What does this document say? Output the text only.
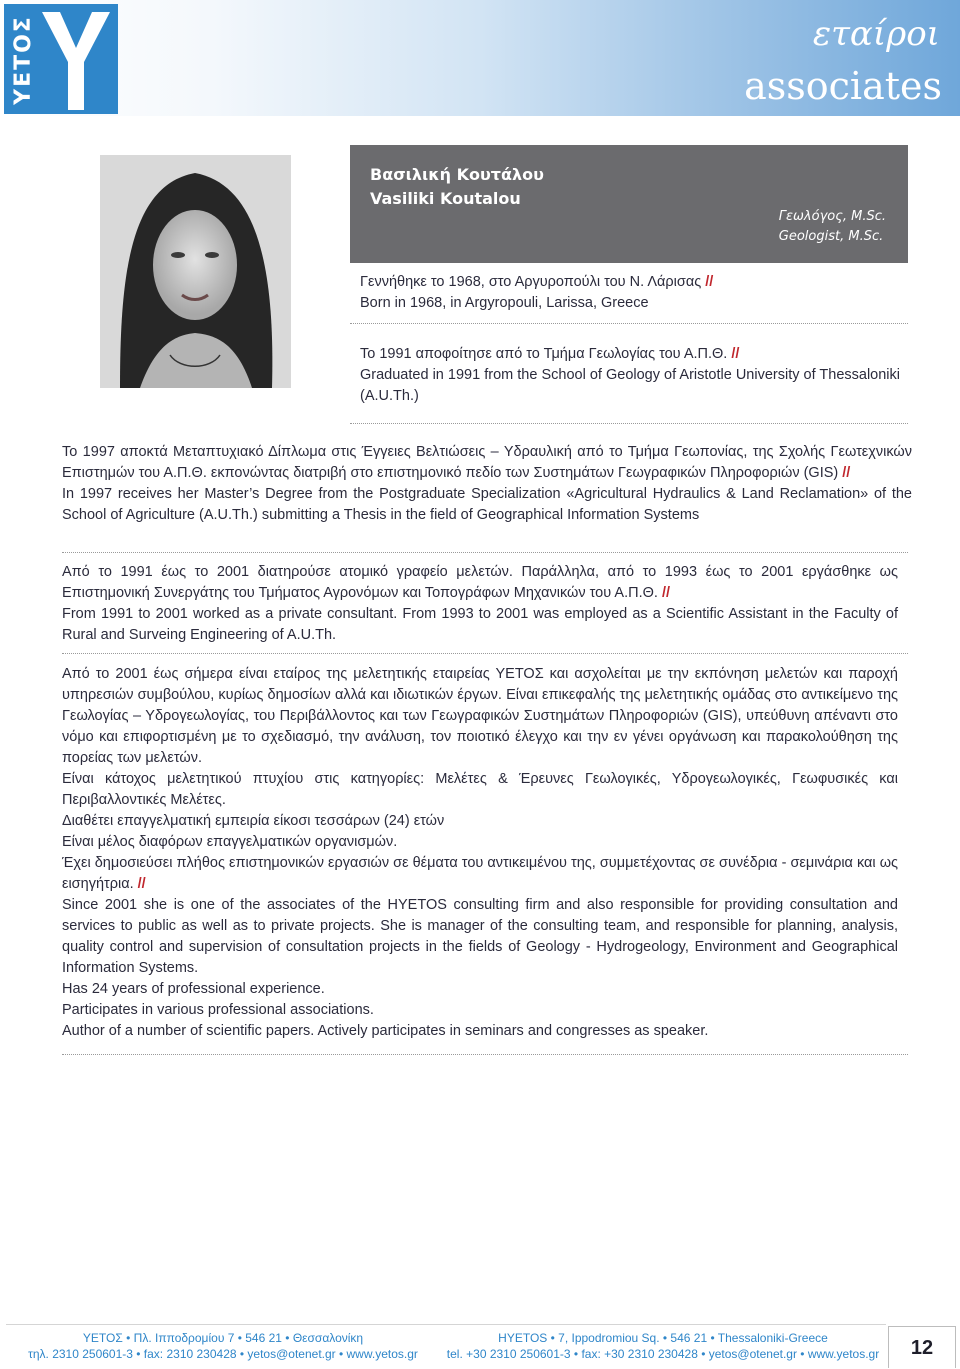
ΥΕΤΟΣ	εταίροι
associates
Βασιλική Κουτάλου
Vasiliki Koutalou
Γεωλόγος, M.Sc.
Geologist, M.Sc.
Γεννήθηκε το 1968, στο Αργυροπούλι του Ν. Λάρισας //
Born in 1968, in Argyropouli, Larissa, Greece
Το 1991 αποφοίτησε από το Τμήμα Γεωλογίας του Α.Π.Θ. //
Graduated in 1991 from the School of Geology of Aristotle University of Thessaloniki (A.U.Th.)
Το 1997 αποκτά Μεταπτυχιακό Δίπλωμα στις Έγγειες Βελτιώσεις – Υδραυλική από το Τμήμα Γεωπονίας, της Σχολής Γεωτεχνικών Επιστημών του Α.Π.Θ. εκπονώντας διατριβή στο επιστημονικό πεδίο των Συστημάτων Γεωγραφικών Πληροφοριών (GIS) //
In 1997 receives her Master’s Degree from the Postgraduate Specialization «Agricultural Hydraulics & Land Reclamation» of the School of Agriculture (A.U.Th.) submitting a Thesis in the field of Geographical Information Systems
Από το 1991 έως το 2001 διατηρούσε ατομικό γραφείο μελετών. Παράλληλα, από το 1993 έως το 2001 εργάσθηκε ως Επιστημονική Συνεργάτης του Τμήματος Αγρονόμων και Τοπογράφων Μηχανικών του Α.Π.Θ. //
From 1991 to 2001 worked as a private consultant. From 1993 to 2001 was employed as a Scientific Assistant in the Faculty of Rural and Surveing Engineering of A.U.Th.
Από το 2001 έως σήμερα είναι εταίρος της μελετητικής εταιρείας ΥΕΤΟΣ και ασχολείται με την εκπόνηση μελετών και παροχή υπηρεσιών συμβούλου, κυρίως δημοσίων αλλά και ιδιωτικών έργων. Είναι επικεφαλής της μελετητικής ομάδας στο αντικείμενο της Γεωλογίας – Υδρογεωλογίας, του Περιβάλλοντος και των Γεωγραφικών Συστημάτων Πληροφοριών (GIS), υπεύθυνη απέναντι στο νόμο και επιφορτισμένη με το σχεδιασμό, την ανάλυση, τον ποιοτικό έλεγχο και την εν γένει οργάνωση και παρακολούθηση της πορείας των μελετών.
Είναι κάτοχος μελετητικού πτυχίου στις κατηγορίες: Μελέτες & Έρευνες Γεωλογικές, Υδρογεωλογικές, Γεωφυσικές και Περιβαλλοντικές Μελέτες.
Διαθέτει επαγγελματική εμπειρία είκοσι τεσσάρων (24) ετών
Είναι μέλος διαφόρων επαγγελματικών οργανισμών.
Έχει δημοσιεύσει πλήθος επιστημονικών εργασιών σε θέματα του αντικειμένου της, συμμετέχοντας σε συνέδρια - σεμινάρια και ως εισηγήτρια. //
Since 2001 she is one of the associates of the HYETOS consulting firm and also responsible for providing consultation and services to public as well as to private projects. She is manager of the consulting team, and responsible for planning, analysis, quality control and supervision of consultation projects in the fields of Geology - Hydrogeology, Environment and Geographical Information Systems.
Has 24 years of professional experience.
Participates in various professional associations.
Author of a number of scientific papers. Actively participates in seminars and congresses as speaker.
ΥΕΤΟΣ • Πλ. Ιπποδρομίου 7 • 546 21 • Θεσσαλονίκη
τηλ. 2310 250601-3 • fax: 2310 230428 • yetos@otenet.gr • www.yetos.gr
HYETOS • 7, Ippodromiou Sq. • 546 21 • Thessaloniki-Greece
tel. +30 2310 250601-3 • fax: +30 2310 230428 • yetos@otenet.gr • www.yetos.gr	12
